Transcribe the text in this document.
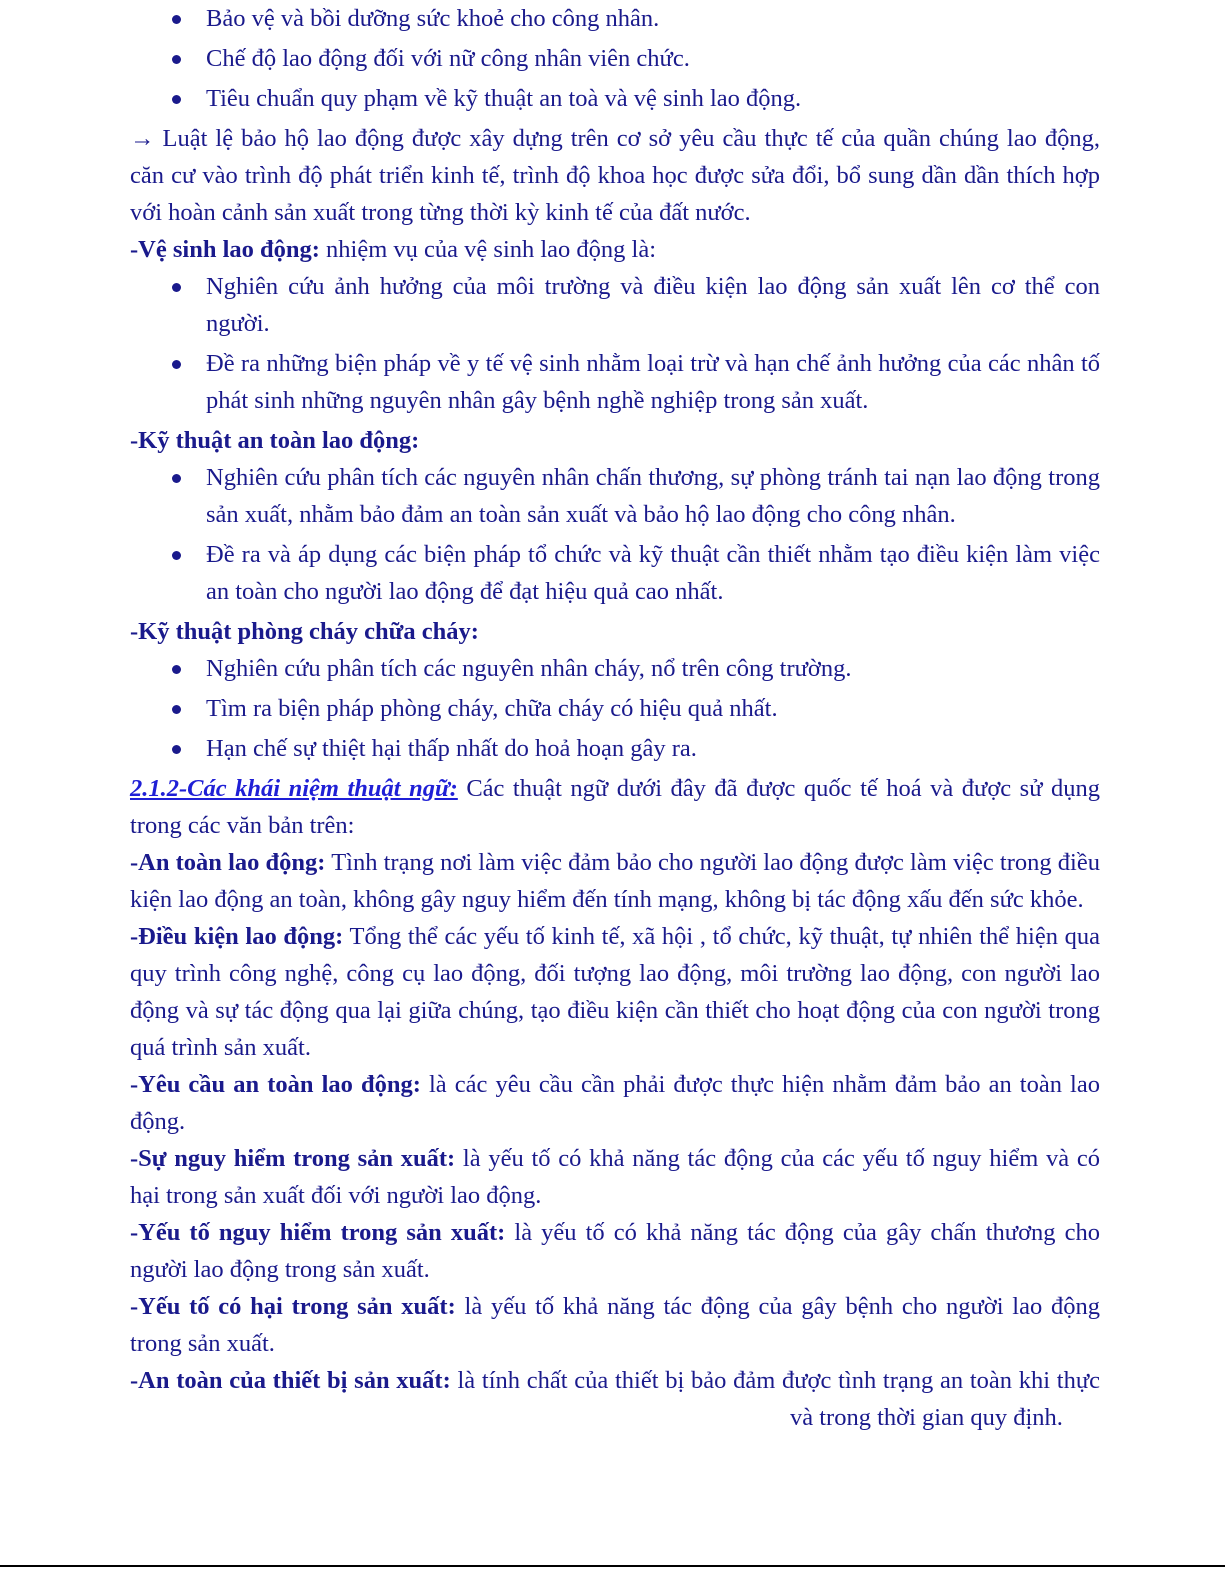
Bảo vệ và bồi dưỡng sức khoẻ cho công nhân.
Chế độ lao động đối với nữ công nhân viên chức.
Tiêu chuẩn quy phạm về kỹ thuật an toà và vệ sinh lao động.

→ Luật lệ bảo hộ lao động được xây dựng trên cơ sở yêu cầu thực tế của quần chúng lao động, căn cư vào trình độ phát triển kinh tế, trình độ khoa học được sửa đổi, bổ sung dần dần thích hợp với hoàn cảnh sản xuất trong từng thời kỳ kinh tế của đất nước.

-Vệ sinh lao động: nhiệm vụ của vệ sinh lao động là:

Nghiên cứu ảnh hưởng của môi trường và điều kiện lao động sản xuất lên cơ thể con người.
Đề ra những biện pháp về y tế vệ sinh nhằm loại trừ và hạn chế ảnh hưởng của các nhân tố phát sinh những nguyên nhân gây bệnh nghề nghiệp trong sản xuất.

-Kỹ thuật an toàn lao động:

Nghiên cứu phân tích các nguyên nhân chấn thương, sự phòng tránh tai nạn lao động trong sản xuất, nhằm bảo đảm an toàn sản xuất và bảo hộ lao động cho công nhân.
Đề ra và áp dụng các biện pháp tổ chức và kỹ thuật cần thiết nhằm tạo điều kiện làm việc an toàn cho người lao động để đạt hiệu quả cao nhất.

-Kỹ thuật phòng cháy chữa cháy:

Nghiên cứu phân tích các nguyên nhân cháy, nổ trên công trường.
Tìm ra biện pháp phòng cháy, chữa cháy có hiệu quả nhất.
Hạn chế sự thiệt hại thấp nhất do hoả hoạn gây ra.

2.1.2-Các khái niệm thuật ngữ: Các thuật ngữ dưới đây đã được quốc tế hoá và được sử dụng trong các văn bản trên:

-An toàn lao động: Tình trạng nơi làm việc đảm bảo cho người lao động được làm việc trong điều kiện lao động an toàn, không gây nguy hiểm đến tính mạng, không bị tác động xấu đến sức khỏe.

-Điều kiện lao động: Tổng thể các yếu tố kinh tế, xã hội , tổ chức, kỹ thuật, tự nhiên thể hiện qua quy trình công nghệ, công cụ lao động, đối tượng lao động, môi trường lao động, con người lao động và sự tác động qua lại giữa chúng, tạo điều kiện cần thiết cho hoạt động của con người trong quá trình sản xuất.

-Yêu cầu an toàn lao động: là các yêu cầu cần phải được thực hiện nhằm đảm bảo an toàn lao động.

-Sự nguy hiểm trong sản xuất: là yếu tố có khả năng tác động của các yếu tố nguy hiểm và có hại trong sản xuất đối với người lao động.

-Yếu tố nguy hiểm trong sản xuất: là yếu tố có khả năng tác động của gây chấn thương cho người lao động trong sản xuất.

-Yếu tố có hại trong sản xuất: là yếu tố khả năng tác động của gây bệnh cho người lao động trong sản xuất.

-An toàn của thiết bị sản xuất: là tính chất của thiết bị bảo đảm được tình trạng an toàn khi thựcvà trong thời gian quy định.
